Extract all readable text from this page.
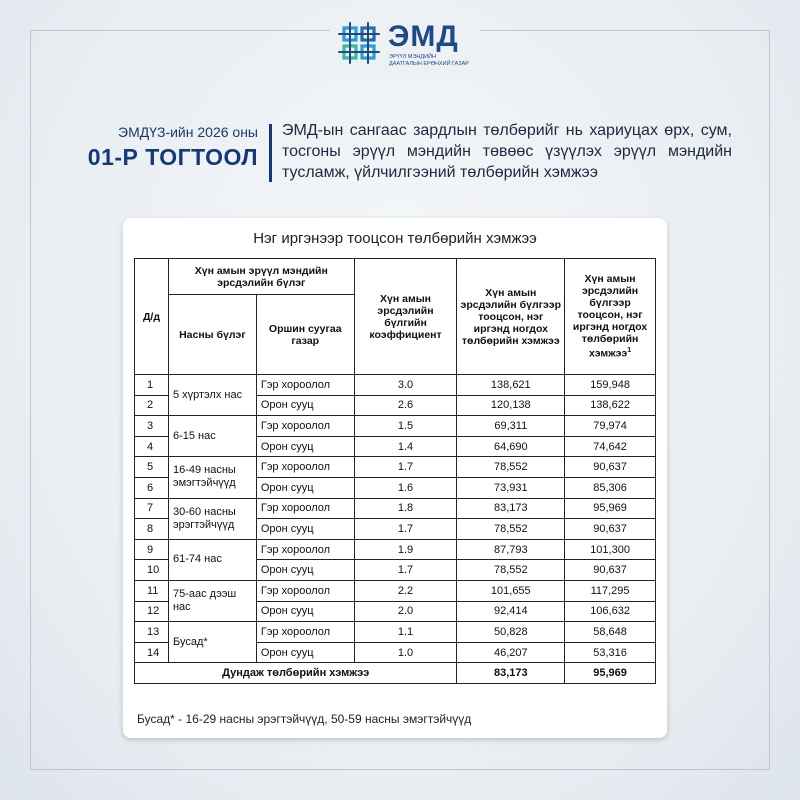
ЭМД
ЭРҮҮЛ МЭНДИЙН ДААТГАЛЫН ЕРӨНХИЙ ГАЗАР
ЭМДҮЗ-ийн 2026 оны
01-Р ТОГТООЛ
ЭМД-ын сангаас зардлын төлбөрийг нь хариуцах өрх, сум, тосгоны эрүүл мэндийн төвөөс үзүүлэх эрүүл мэндийн тусламж, үйлчилгээний төлбөрийн хэмжээ
Нэг иргэнээр тооцсон төлбөрийн хэмжээ
Д/д	Хүн амын эрүүл мэндийн эрсдэлийн бүлэг		Хүн амын эрсдэлийн бүлгийн коэффициент	Хүн амын эрсдэлийн бүлгээр тооцсон, нэг иргэнд ногдох төлбөрийн хэмжээ	Хүн амын эрсдэлийн бүлгээр тооцсон, нэг иргэнд ногдох төлбөрийн хэмжээ$^1$
	Насны бүлэг	Оршин суугаа газар			
1	5 хүртэлх нас	Гэр хороолол	3.0	138,621	159,948
2		Орон сууц	2.6	120,138	138,622
3	6-15 нас	Гэр хороолол	1.5	69,311	79,974
4		Орон сууц	1.4	64,690	74,642
5	16-49 насны эмэгтэйчүүд	Гэр хороолол	1.7	78,552	90,637
6		Орон сууц	1.6	73,931	85,306
7	30-60 насны эрэгтэйчүүд	Гэр хороолол	1.8	83,173	95,969
8		Орон сууц	1.7	78,552	90,637
9	61-74 нас	Гэр хороолол	1.9	87,793	101,300
10		Орон сууц	1.7	78,552	90,637
11	75-аас дээш нас	Гэр хороолол	2.2	101,655	117,295
12		Орон сууц	2.0	92,414	106,632
13	Бусад*	Гэр хороолол	1.1	50,828	58,648
14		Орон сууц	1.0	46,207	53,316
Дундаж төлбөрийн хэмжээ				83,173	95,969
Бусад* - 16-29 насны эрэгтэйчүүд, 50-59 насны эмэгтэйчүүд
